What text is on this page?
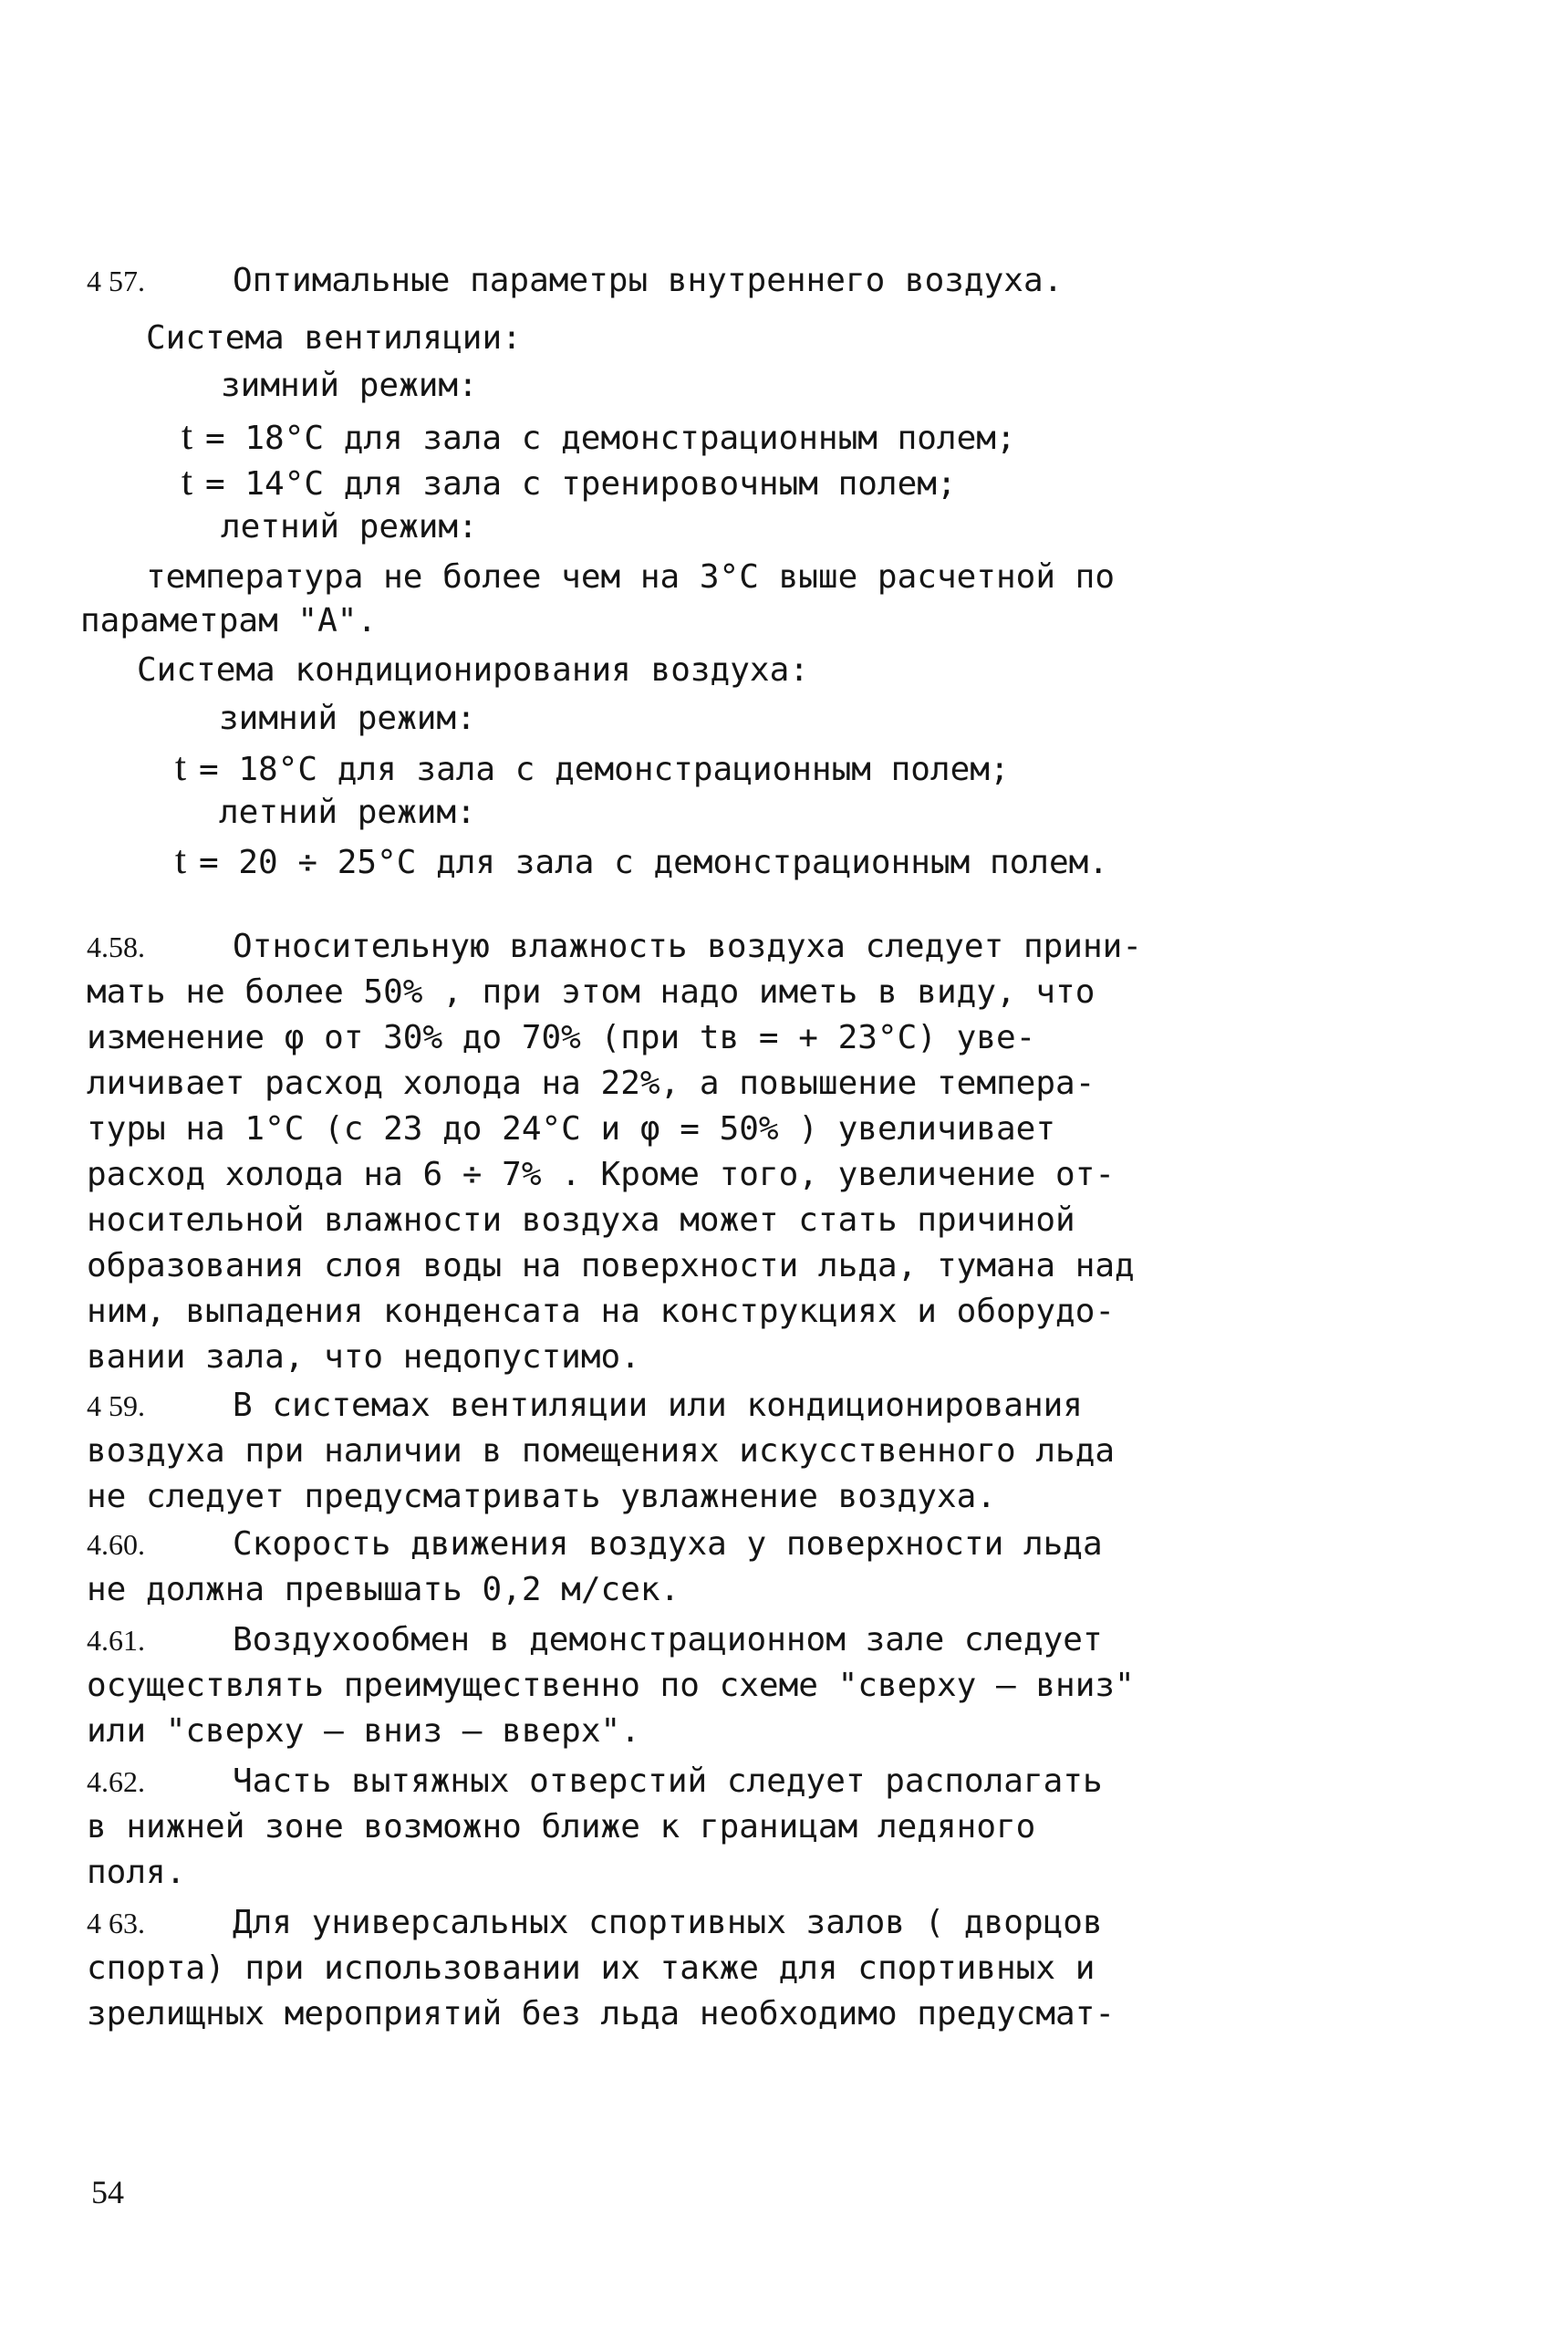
4 57.	Оптимальные параметры внутреннего воздуха.
Система вентиляции:
зимний режим:
t = 18°С для зала с демонстрационным полем;
t = 14°С для зала с тренировочным полем;
летний режим:
температура не более чем на 3°С выше расчетной по
параметрам "А".
Система кондиционирования воздуха:
зимний режим:
t = 18°С для зала с демонстрационным полем;
летний режим:
t = 20 ÷ 25°С для зала с демонстрационным полем.
4.58.	Относительную влажность воздуха следует прини-
мать не более 50% , при этом надо иметь в виду, что
изменение φ от 30% до 70% (при tв = + 23°С) уве-
личивает расход холода на 22%, а повышение темпера-
туры на 1°С (с 23 до 24°С и φ = 50% ) увеличивает
расход холода на 6 ÷ 7% . Кроме того, увеличение от-
носительной влажности воздуха может стать причиной
образования слоя воды на поверхности льда, тумана над
ним, выпадения конденсата на конструкциях и оборудо-
вании зала, что недопустимо.
4 59.	В системах вентиляции или кондиционирования
воздуха при наличии в помещениях искусственного льда
не следует предусматривать увлажнение воздуха.
4.60.	Скорость движения воздуха у поверхности льда
не должна превышать 0,2 м/сек.
4.61.	Воздухообмен в демонстрационном зале следует
осуществлять преимущественно по схеме "сверху – вниз"
или "сверху – вниз – вверх".
4.62.	Часть вытяжных отверстий следует располагать
в нижней зоне возможно ближе к границам ледяного
поля.
4 63.	Для универсальных спортивных залов ( дворцов
спорта) при использовании их также для спортивных и
зрелищных мероприятий без льда необходимо предусмат-
54
